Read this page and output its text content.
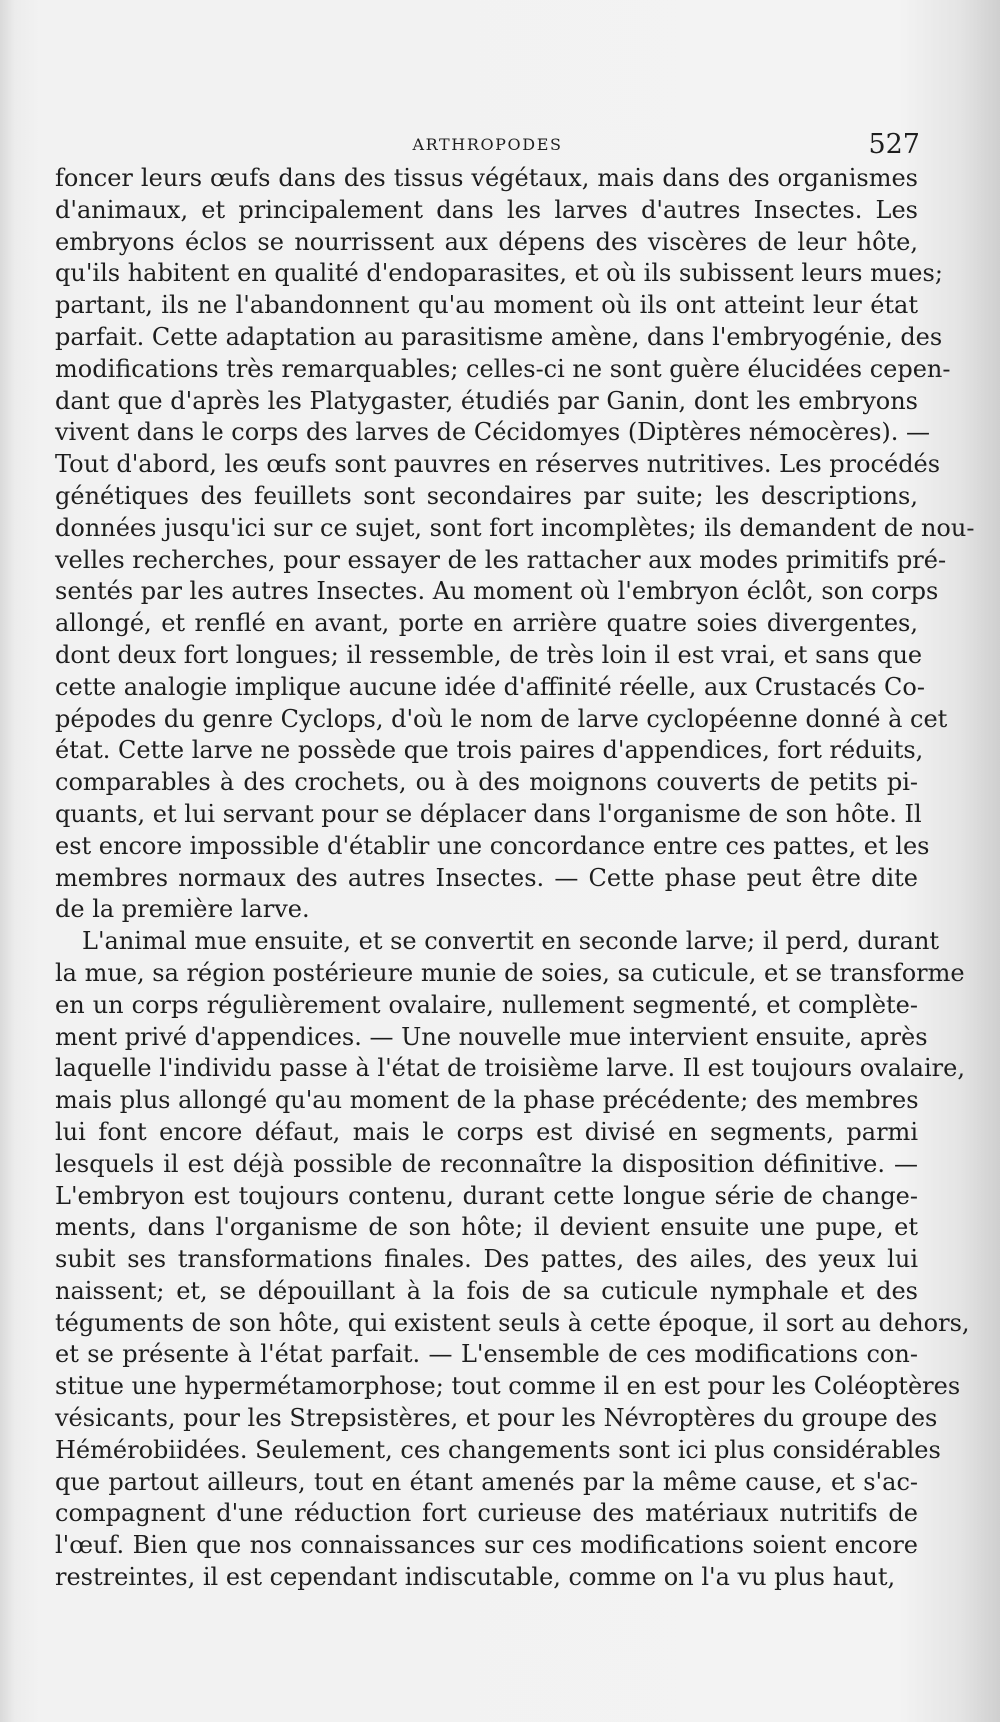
ARTHROPODES	527
foncer leurs œufs dans des tissus végétaux, mais dans des organismes
d'animaux, et principalement dans les larves d'autres Insectes. Les
embryons éclos se nourrissent aux dépens des viscères de leur hôte,
qu'ils habitent en qualité d'endoparasites, et où ils subissent leurs mues;
partant, ils ne l'abandonnent qu'au moment où ils ont atteint leur état
parfait. Cette adaptation au parasitisme amène, dans l'embryogénie, des
modifications très remarquables; celles-ci ne sont guère élucidées cepen-
dant que d'après les Platygaster, étudiés par Ganin, dont les embryons
vivent dans le corps des larves de Cécidomyes (Diptères némocères). —
Tout d'abord, les œufs sont pauvres en réserves nutritives. Les procédés
génétiques des feuillets sont secondaires par suite; les descriptions,
données jusqu'ici sur ce sujet, sont fort incomplètes; ils demandent de nou-
velles recherches, pour essayer de les rattacher aux modes primitifs pré-
sentés par les autres Insectes. Au moment où l'embryon éclôt, son corps
allongé, et renflé en avant, porte en arrière quatre soies divergentes,
dont deux fort longues; il ressemble, de très loin il est vrai, et sans que
cette analogie implique aucune idée d'affinité réelle, aux Crustacés Co-
pépodes du genre Cyclops, d'où le nom de larve cyclopéenne donné à cet
état. Cette larve ne possède que trois paires d'appendices, fort réduits,
comparables à des crochets, ou à des moignons couverts de petits pi-
quants, et lui servant pour se déplacer dans l'organisme de son hôte. Il
est encore impossible d'établir une concordance entre ces pattes, et les
membres normaux des autres Insectes. — Cette phase peut être dite
de la première larve.
L'animal mue ensuite, et se convertit en seconde larve; il perd, durant
la mue, sa région postérieure munie de soies, sa cuticule, et se transforme
en un corps régulièrement ovalaire, nullement segmenté, et complète-
ment privé d'appendices. — Une nouvelle mue intervient ensuite, après
laquelle l'individu passe à l'état de troisième larve. Il est toujours ovalaire,
mais plus allongé qu'au moment de la phase précédente; des membres
lui font encore défaut, mais le corps est divisé en segments, parmi
lesquels il est déjà possible de reconnaître la disposition définitive. —
L'embryon est toujours contenu, durant cette longue série de change-
ments, dans l'organisme de son hôte; il devient ensuite une pupe, et
subit ses transformations finales. Des pattes, des ailes, des yeux lui
naissent; et, se dépouillant à la fois de sa cuticule nymphale et des
téguments de son hôte, qui existent seuls à cette époque, il sort au dehors,
et se présente à l'état parfait. — L'ensemble de ces modifications con-
stitue une hypermétamorphose; tout comme il en est pour les Coléoptères
vésicants, pour les Strepsistères, et pour les Névroptères du groupe des
Hémérobiidées. Seulement, ces changements sont ici plus considérables
que partout ailleurs, tout en étant amenés par la même cause, et s'ac-
compagnent d'une réduction fort curieuse des matériaux nutritifs de
l'œuf. Bien que nos connaissances sur ces modifications soient encore
restreintes, il est cependant indiscutable, comme on l'a vu plus haut,
